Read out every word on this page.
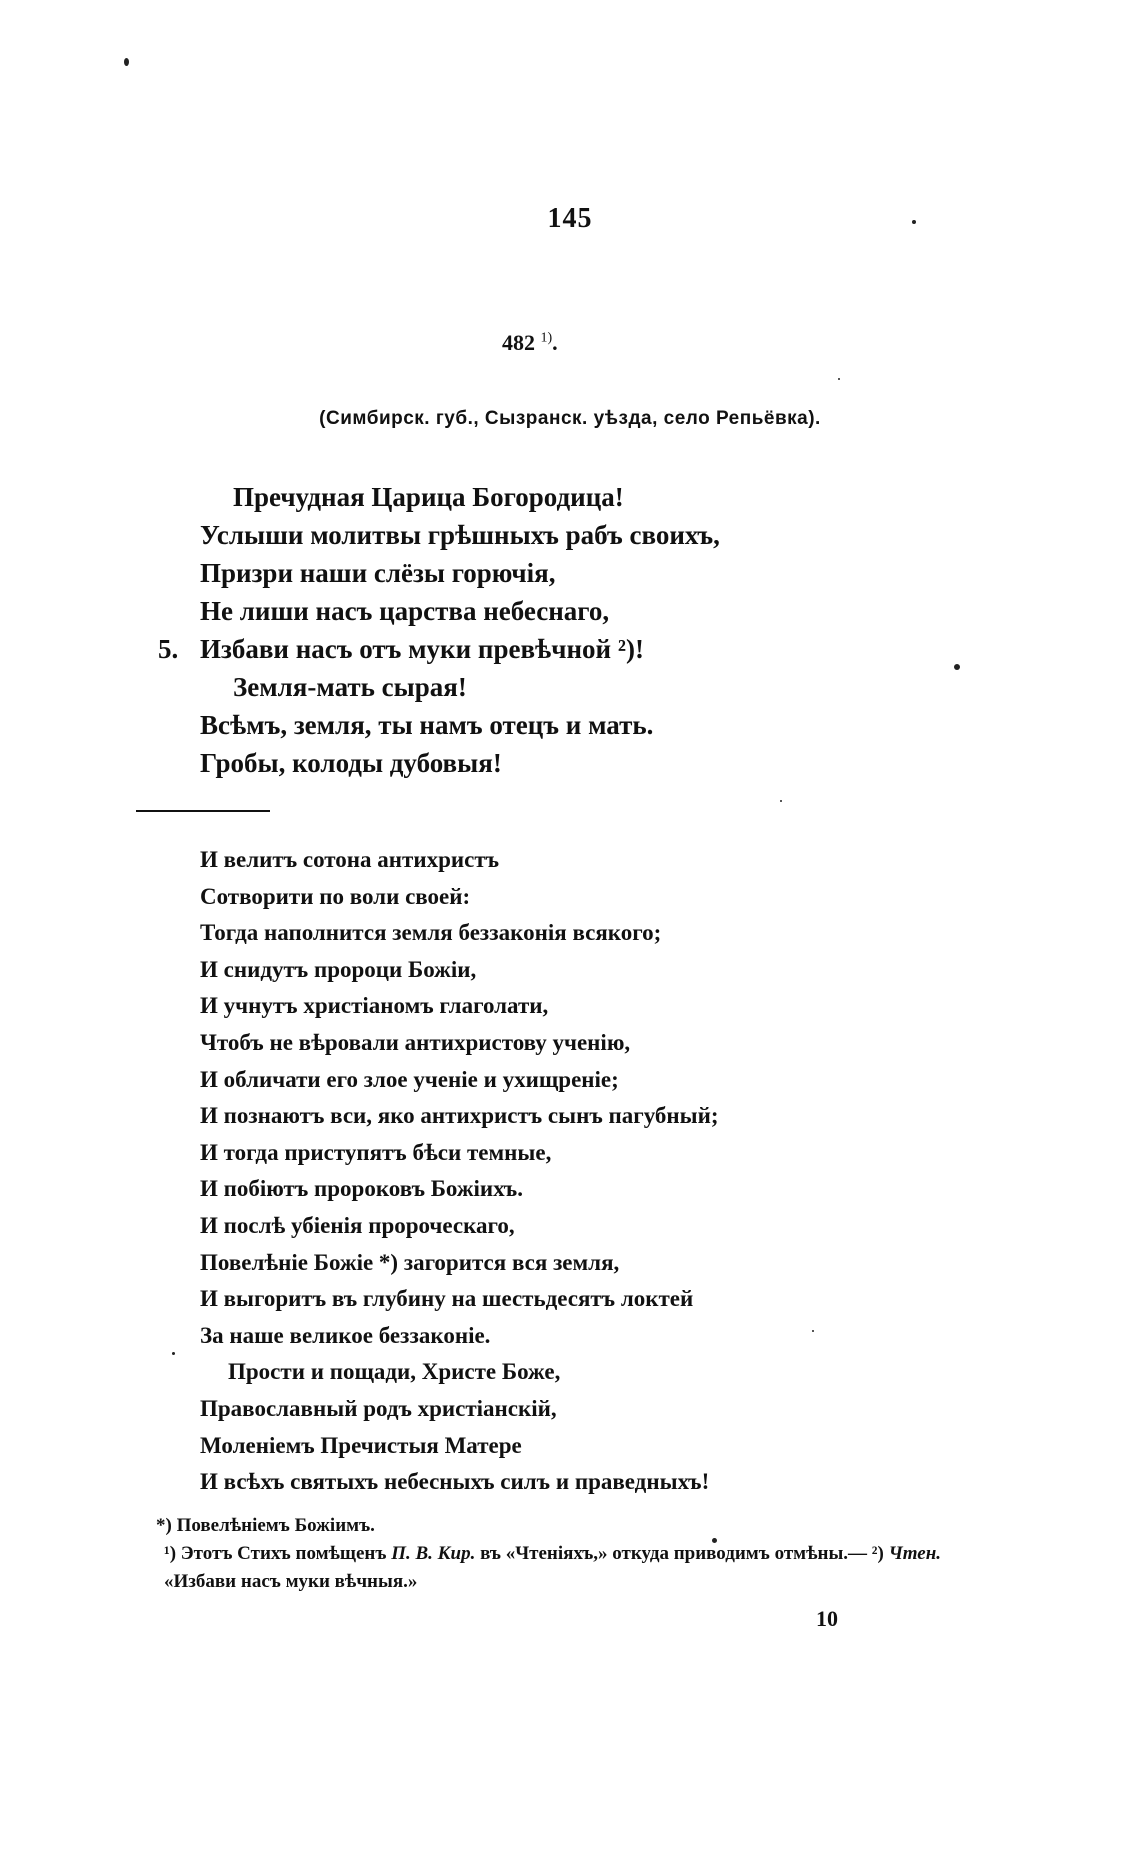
145
482 $^{1)}$.
(Симбирск. губ., Сызранск. уѣзда, село Репьёвка).
Пречудная Царица Богородица!
Услыши молитвы грѣшныхъ рабъ своихъ,
Призри наши слёзы горючія,
Не лиши насъ царства небеснаго,
5. Избави насъ отъ муки превѣчной ²)!
Земля-мать сырая!
Всѣмъ, земля, ты намъ отецъ и мать.
Гробы, колоды дубовыя!
И велитъ сотона антихристъ
Сотворити по воли своей:
Тогда наполнится земля беззаконія всякого;
И снидутъ пророци Божіи,
И учнутъ христіаномъ глаголати,
Чтобъ не вѣровали антихристову ученію,
И обличати его злое ученіе и ухищреніе;
И познаютъ вси, яко антихристъ сынъ пагубный;
И тогда приступятъ бѣси темные,
И побіютъ пророковъ Божіихъ.
И послѣ убіенія пророческаго,
Повелѣніе Божіе *) загорится вся земля,
И выгоритъ въ глубину на шестьдесятъ локтей
За наше великое беззаконіе.
Прости и пощади, Христе Боже,
Православный родъ христіанскій,
Моленіемъ Пречистыя Матере
И всѣхъ святыхъ небесныхъ силъ и праведныхъ!
*) Повелѣніемъ Божіимъ.
¹) Этотъ Стихъ помѣщенъ П. В. Кир. въ «Чтеніяхъ,» откуда приводимъ отмѣны.— ²) Чтен. «Избави насъ муки вѣчныя.»
10
